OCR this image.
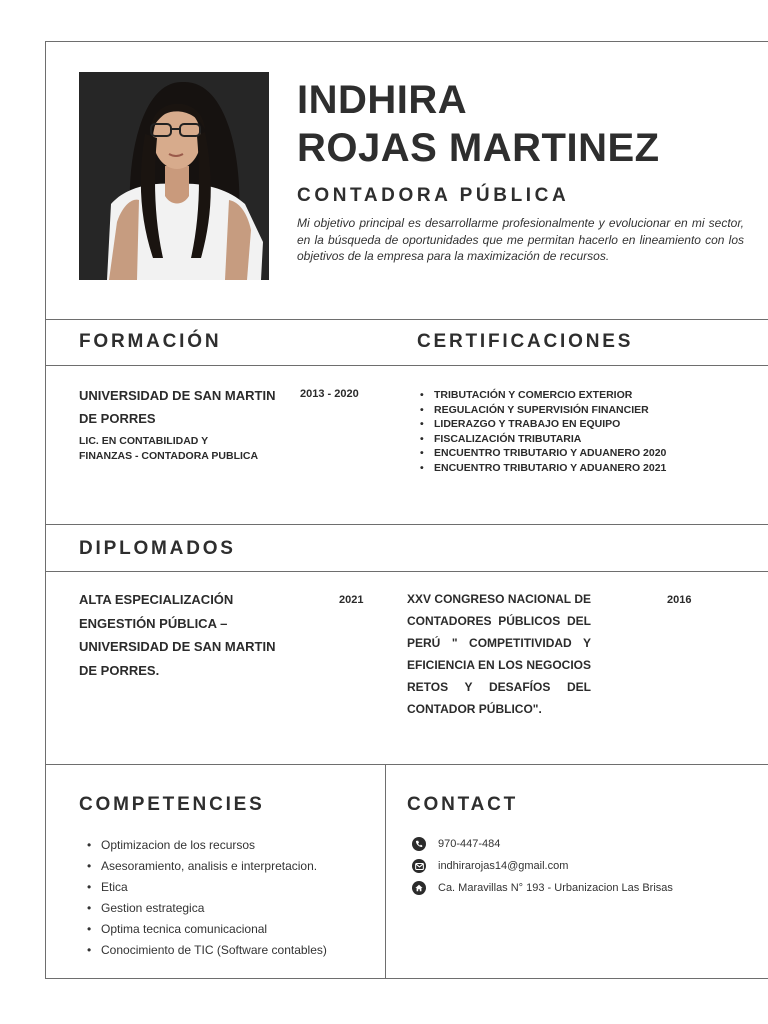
INDHIRA
ROJAS MARTINEZ
CONTADORA PÚBLICA

Mi objetivo principal es desarrollarme profesionalmente y evolucionar en mi sector, en la búsqueda de oportunidades que me permitan hacerlo en lineamiento con los objetivos de la empresa para la maximización de recursos.

FORMACIÓN
UNIVERSIDAD DE SAN MARTIN DE PORRES
LIC. EN CONTABILIDAD Y FINANZAS - CONTADORA PUBLICA
2013 - 2020
CERTIFICACIONES
• TRIBUTACIÓN Y COMERCIO EXTERIOR
• REGULACIÓN Y SUPERVISIÓN FINANCIER
• LIDERAZGO Y TRABAJO EN EQUIPO
• FISCALIZACIÓN TRIBUTARIA
• ENCUENTRO TRIBUTARIO Y ADUANERO 2020
• ENCUENTRO TRIBUTARIO Y ADUANERO 2021
DIPLOMADOS
ALTA ESPECIALIZACIÓN ENGESTIÓN PÚBLICA – UNIVERSIDAD DE SAN MARTIN DE PORRES.
2021	XXV CONGRESO NACIONAL DE CONTADORES PÚBLICOS DEL PERÚ " COMPETITIVIDAD Y EFICIENCIA EN LOS NEGOCIOS RETOS Y DESAFÍOS DEL CONTADOR PÚBLICO".
2016
COMPETENCIES
• Optimizacion de los recursos
• Asesoramiento, analisis e interpretacion.
• Etica
• Gestion estrategica
• Optima tecnica comunicacional
• Conocimiento de TIC (Software contables)
CONTACT
970-447-484
indhirarojas14@gmail.com
Ca. Maravillas N° 193 - Urbanizacion Las Brisas
